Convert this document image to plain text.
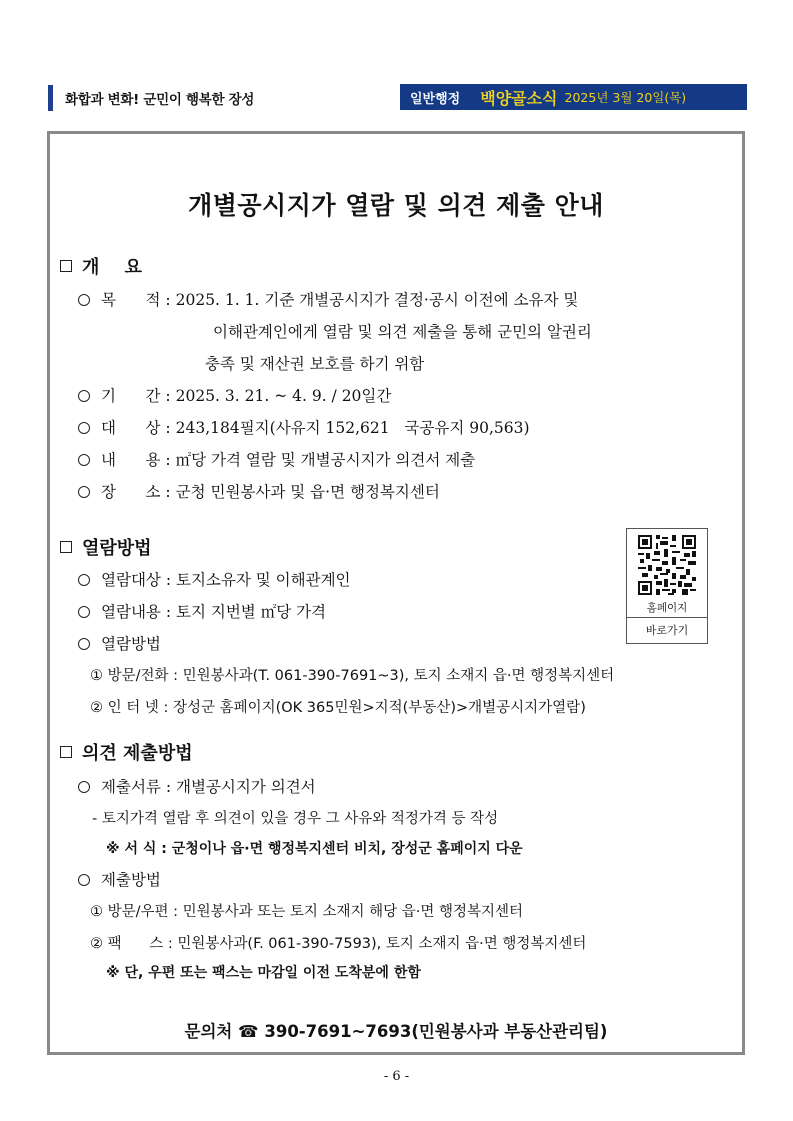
화합과 변화! 군민이 행복한 장성	일반행정 백양골소식 2025년 3월 20일(목)
개별공시지가 열람 및 의견 제출 안내
개    요
목      적 : 2025. 1. 1. 기준 개별공시지가 결정·공시 이전에 소유자 및
이해관계인에게 열람 및 의견 제출을 통해 군민의 알권리
충족 및 재산권 보호를 하기 위함
기      간 : 2025. 3. 21. ~ 4. 9. / 20일간
대      상 : 243,184필지(사유지 152,621   국공유지 90,563)
내      용 : ㎡당 가격 열람 및 개별공시지가 의견서 제출
장      소 : 군청 민원봉사과 및 읍·면 행정복지센터
열람방법
열람대상 : 토지소유자 및 이해관계인
열람내용 : 토지 지번별 ㎡당 가격
열람방법
① 방문/전화 : 민원봉사과(T. 061-390-7691~3), 토지 소재지 읍·면 행정복지센터
② 인 터 넷 : 장성군 홈페이지(OK 365민원>지적(부동산)>개별공시지가열람)
홈페이지
바로가기
의견 제출방법
제출서류 : 개별공시지가 의견서
- 토지가격 열람 후 의견이 있을 경우 그 사유와 적정가격 등 작성
※ 서 식 : 군청이나 읍·면 행정복지센터 비치, 장성군 홈페이지 다운
제출방법
① 방문/우편 : 민원봉사과 또는 토지 소재지 해당 읍·면 행정복지센터
② 팩      스 : 민원봉사과(F. 061-390-7593), 토지 소재지 읍·면 행정복지센터
※ 단, 우편 또는 팩스는 마감일 이전 도착분에 한함
문의처 ☎ 390-7691~7693(민원봉사과 부동산관리팀)
- 6 -
